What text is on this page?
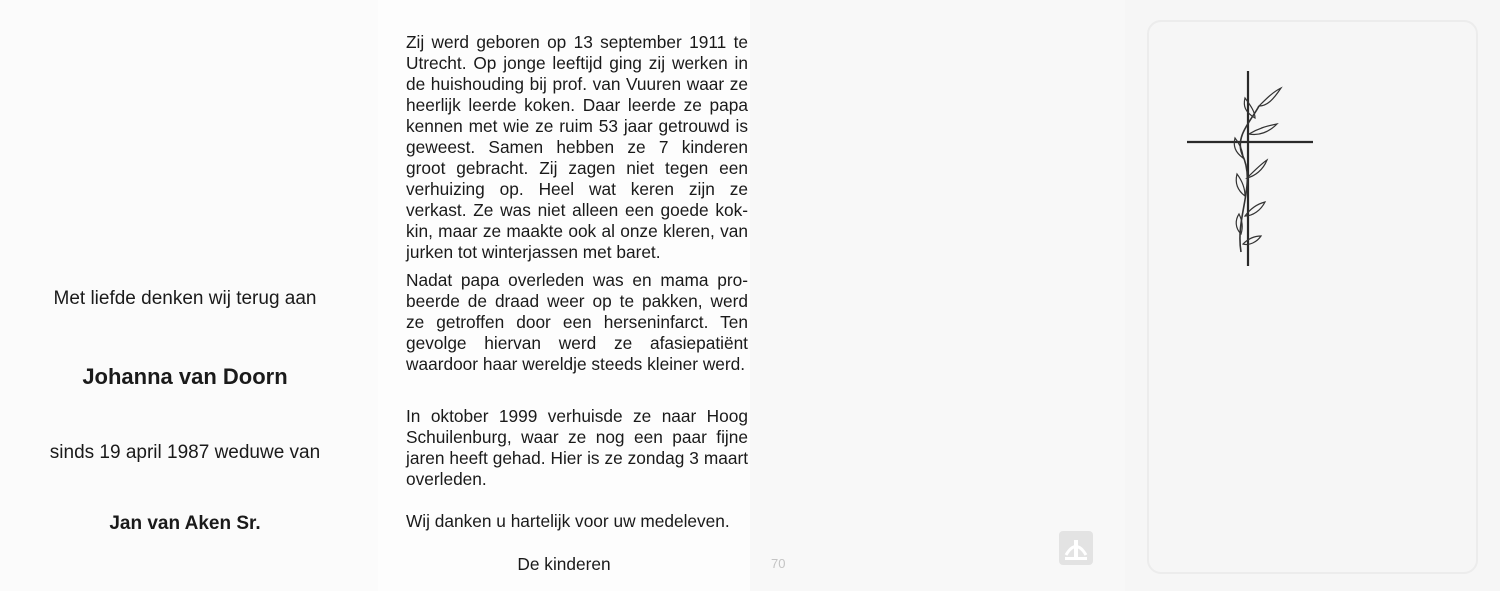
Met liefde denken wij terug aan
Johanna van Doorn
sinds 19 april 1987 weduwe van
Jan van Aken Sr.

Zij werd geboren op 13 september 1911 te Utrecht. Op jonge leeftijd ging zij werken in de huishouding bij prof. van Vuuren waar ze heerlijk leerde koken. Daar leerde ze papa kennen met wie ze ruim 53 jaar getrouwd is geweest. Samen hebben ze 7 kinderen groot gebracht. Zij zagen niet tegen een verhuizing op. Heel wat keren zijn ze verkast. Ze was niet alleen een goede kokkin, maar ze maakte ook al onze kleren, van jurken tot winterjassen met baret.

Nadat papa overleden was en mama probeerde de draad weer op te pakken, werd ze getroffen door een herseninfarct. Ten gevolge hiervan werd ze afasiepatiënt waardoor haar wereldje steeds kleiner werd.

In oktober 1999 verhuisde ze naar Hoog Schuilenburg, waar ze nog een paar fijne jaren heeft gehad. Hier is ze zondag 3 maart overleden.

Wij danken u hartelijk voor uw medeleven.

De kinderen	70
